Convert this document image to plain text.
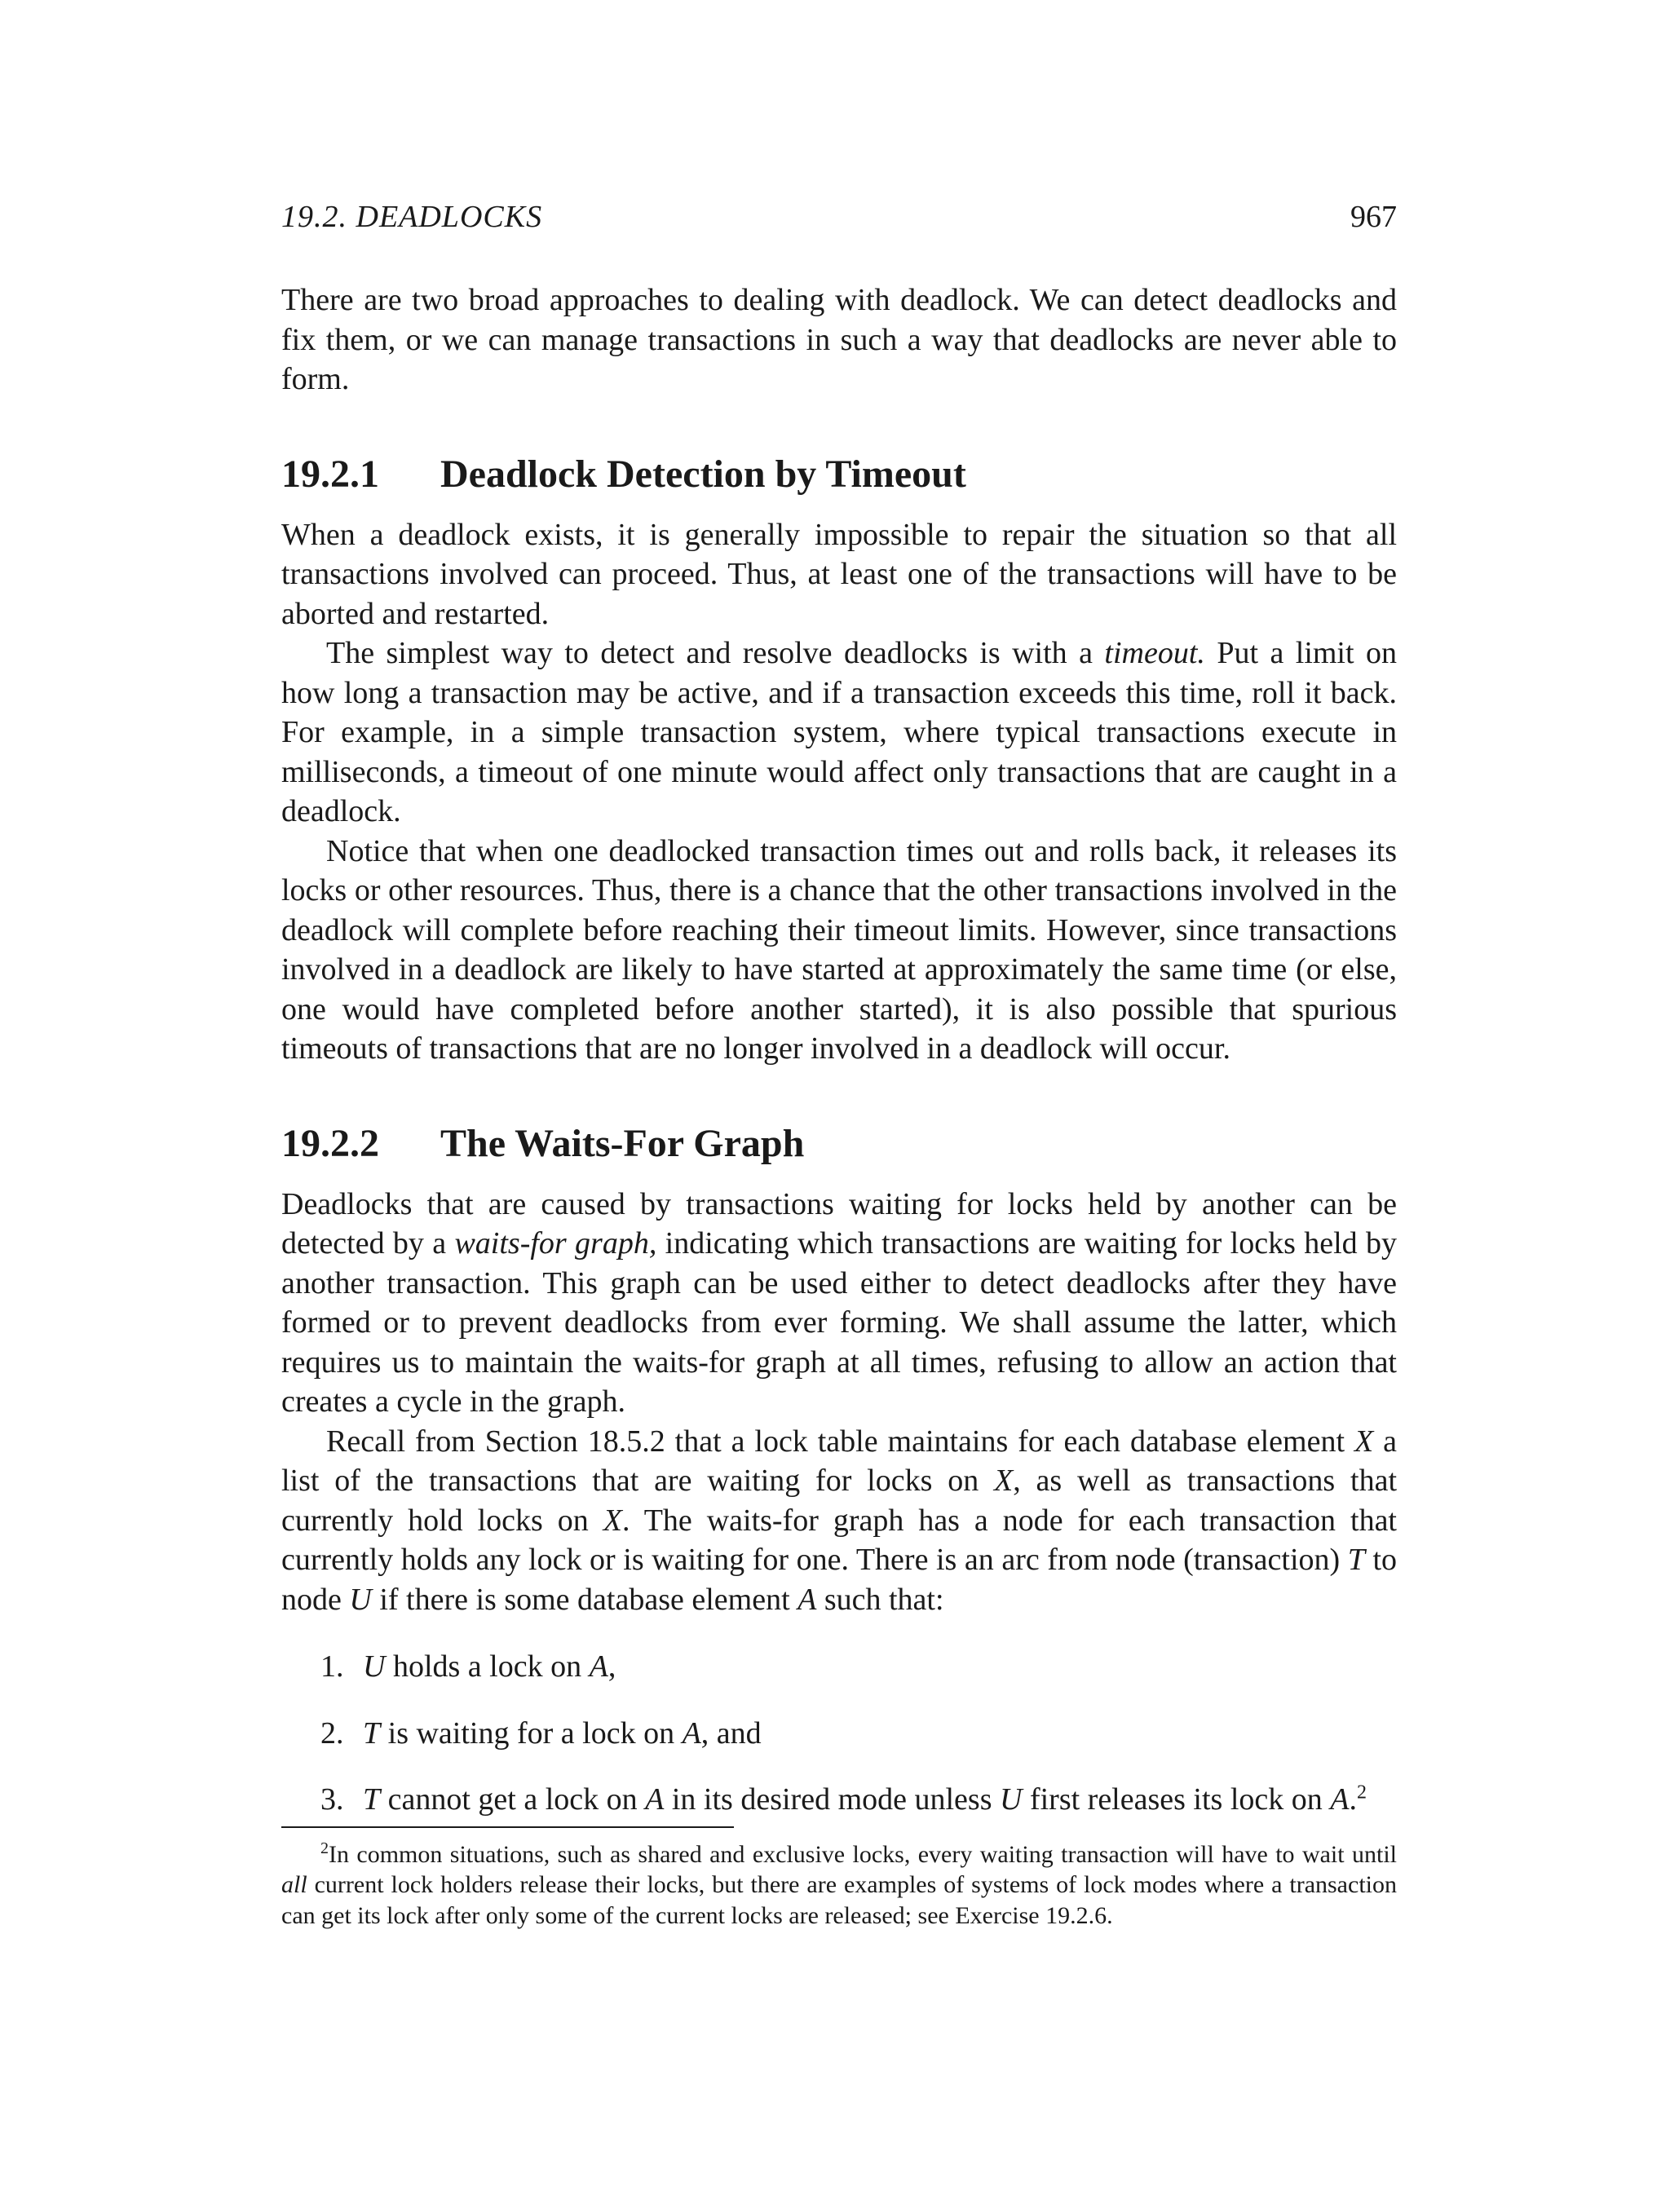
19.2. DEADLOCKS	967

There are two broad approaches to dealing with deadlock. We can detect deadlocks and fix them, or we can manage transactions in such a way that deadlocks are never able to form.

19.2.1	Deadlock Detection by Timeout

When a deadlock exists, it is generally impossible to repair the situation so that all transactions involved can proceed. Thus, at least one of the transactions will have to be aborted and restarted.

The simplest way to detect and resolve deadlocks is with a timeout. Put a limit on how long a transaction may be active, and if a transaction exceeds this time, roll it back. For example, in a simple transaction system, where typical transactions execute in milliseconds, a timeout of one minute would affect only transactions that are caught in a deadlock.

Notice that when one deadlocked transaction times out and rolls back, it releases its locks or other resources. Thus, there is a chance that the other transactions involved in the deadlock will complete before reaching their timeout limits. However, since transactions involved in a deadlock are likely to have started at approximately the same time (or else, one would have completed before another started), it is also possible that spurious timeouts of transactions that are no longer involved in a deadlock will occur.

19.2.2	The Waits-For Graph

Deadlocks that are caused by transactions waiting for locks held by another can be detected by a waits-for graph, indicating which transactions are waiting for locks held by another transaction. This graph can be used either to detect deadlocks after they have formed or to prevent deadlocks from ever forming. We shall assume the latter, which requires us to maintain the waits-for graph at all times, refusing to allow an action that creates a cycle in the graph.

Recall from Section 18.5.2 that a lock table maintains for each database element X a list of the transactions that are waiting for locks on X, as well as transactions that currently hold locks on X. The waits-for graph has a node for each transaction that currently holds any lock or is waiting for one. There is an arc from node (transaction) T to node U if there is some database element A such that:

1. U holds a lock on A,
2. T is waiting for a lock on A, and
3. T cannot get a lock on A in its desired mode unless U first releases its lock on A.$^2$
$^2$In common situations, such as shared and exclusive locks, every waiting transaction will have to wait until all current lock holders release their locks, but there are examples of systems of lock modes where a transaction can get its lock after only some of the current locks are released; see Exercise 19.2.6.
